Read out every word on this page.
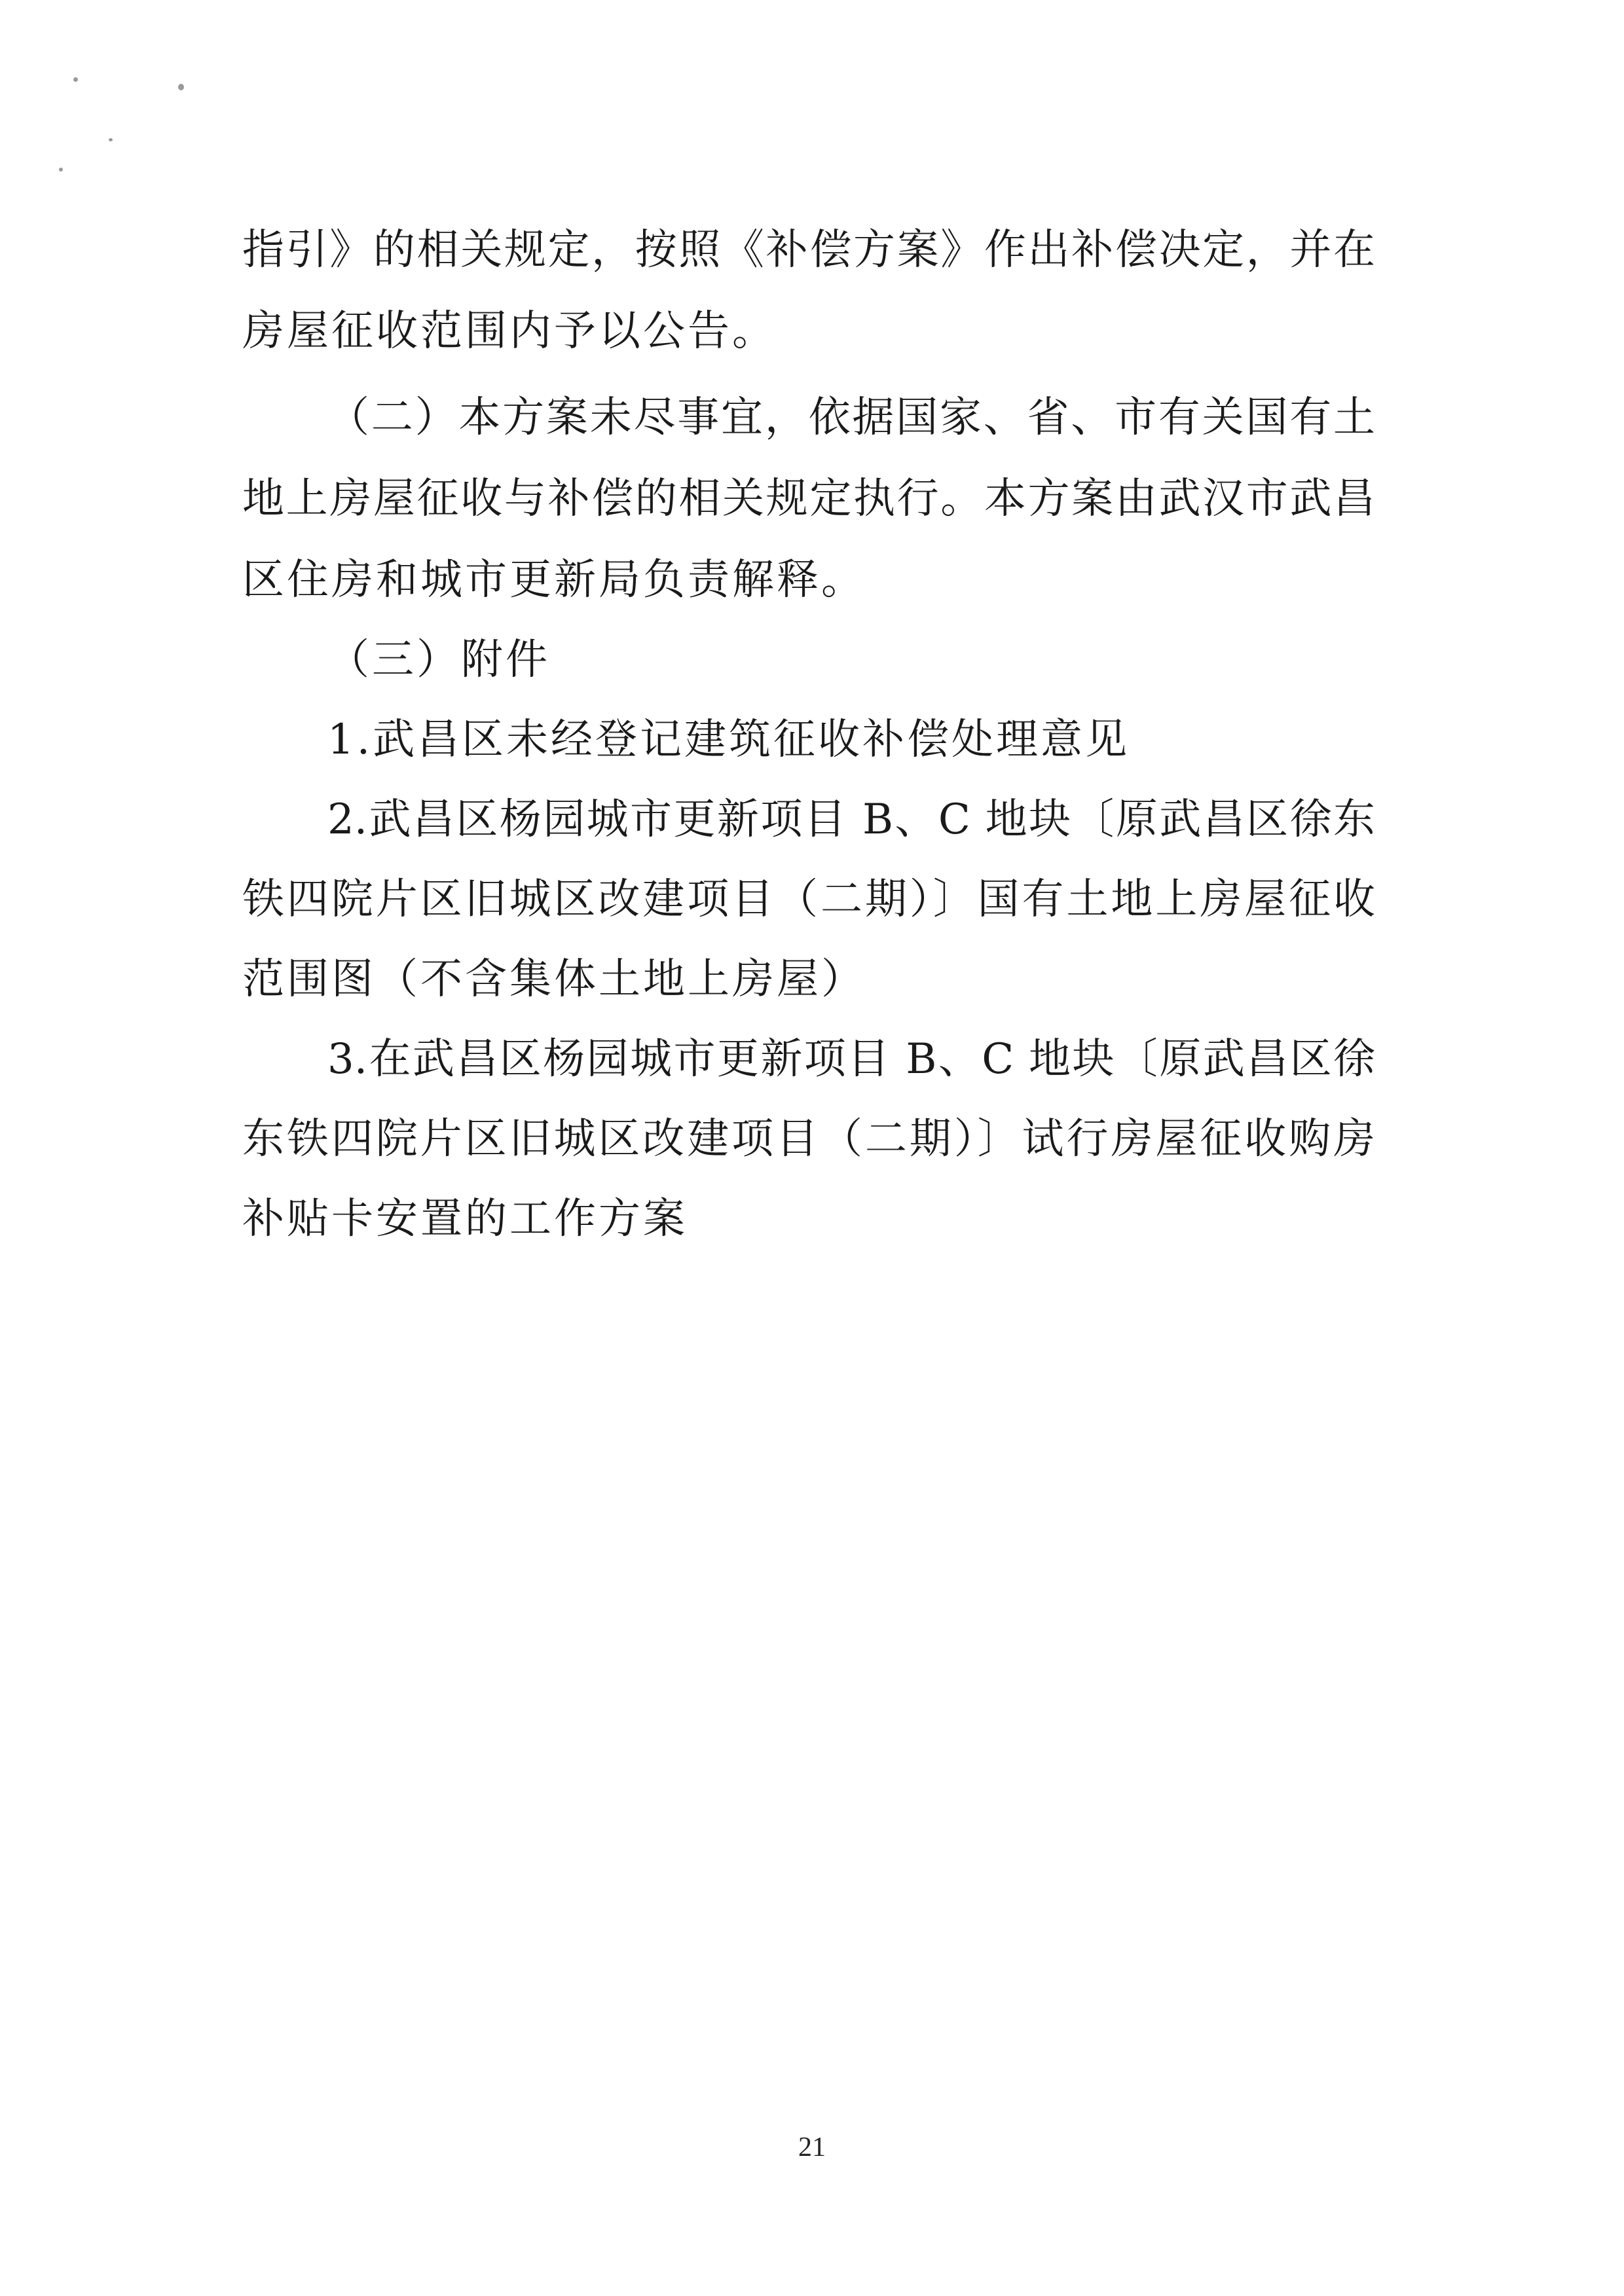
指引》的相关规定，按照《补偿方案》作出补偿决定，并在
房屋征收范围内予以公告。
（二）本方案未尽事宜，依据国家、省、市有关国有土
地上房屋征收与补偿的相关规定执行。本方案由武汉市武昌
区住房和城市更新局负责解释。
（三）附件
1.武昌区未经登记建筑征收补偿处理意见
2.武昌区杨园城市更新项目 B、C 地块〔原武昌区徐东
铁四院片区旧城区改建项目（二期）〕国有土地上房屋征收
范围图（不含集体土地上房屋）
3.在武昌区杨园城市更新项目 B、C 地块〔原武昌区徐
东铁四院片区旧城区改建项目（二期）〕试行房屋征收购房
补贴卡安置的工作方案
21
